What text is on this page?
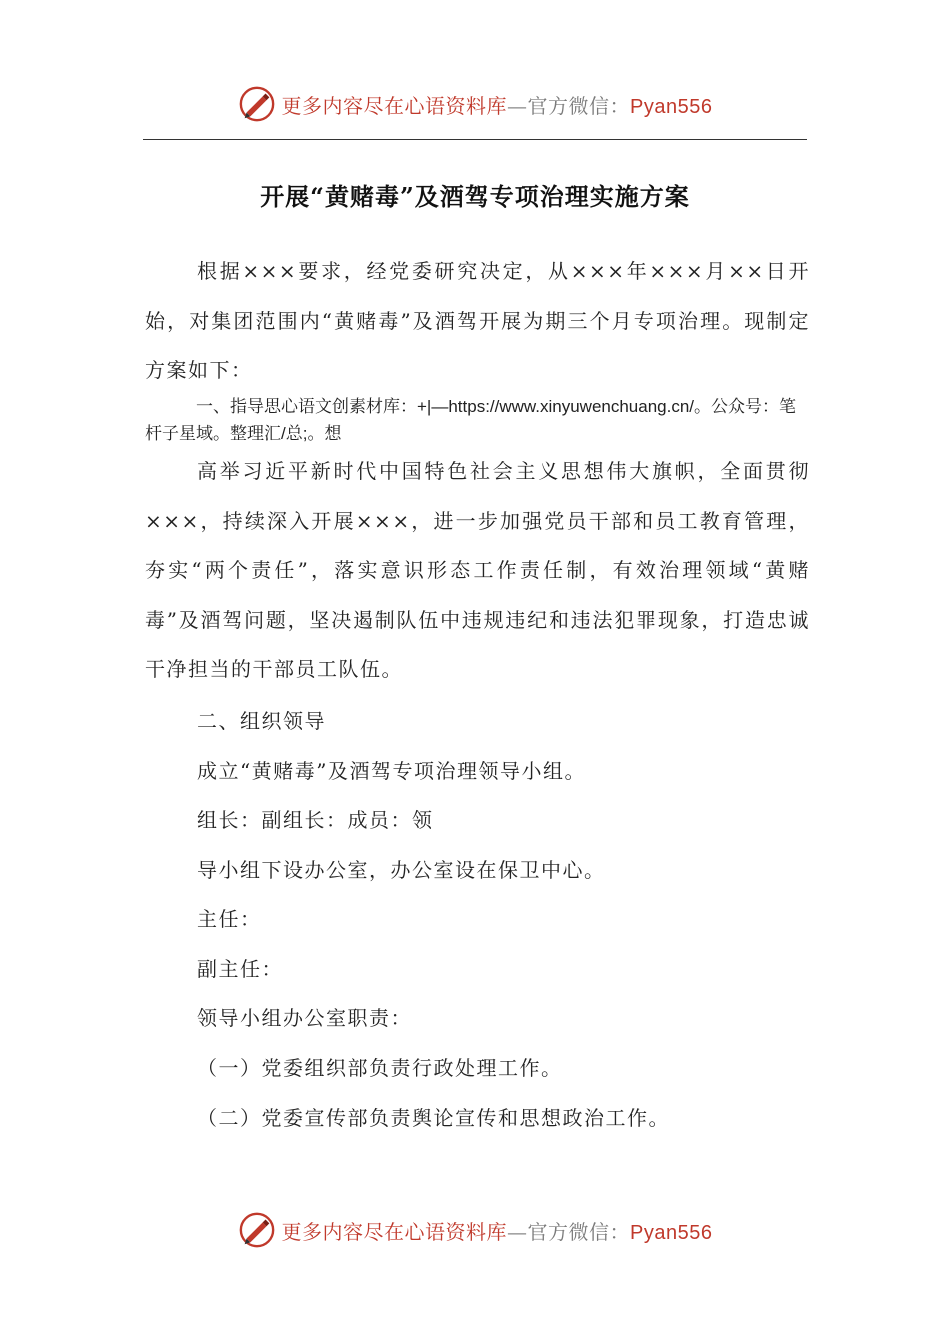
更多内容尽在心语资料库—官方微信：Pyan556
开展“黄赌毒”及酒驾专项治理实施方案
根据×××要求，经党委研究决定，从×××年×××月××日开始，对集团范围内“黄赌毒”及酒驾开展为期三个月专项治理。现制定方案如下：
一、指导思心语文创素材库：+|—https://www.xinyuwenchuang.cn/。公众号：笔杆子星域。整理汇/总;。想
高举习近平新时代中国特色社会主义思想伟大旗帜，全面贯彻×××，持续深入开展×××，进一步加强党员干部和员工教育管理，夯实“两个责任”，落实意识形态工作责任制，有效治理领域“黄赌毒”及酒驾问题，坚决遏制队伍中违规违纪和违法犯罪现象，打造忠诚干净担当的干部员工队伍。
二、组织领导
成立“黄赌毒”及酒驾专项治理领导小组。
组长：副组长：成员：领
导小组下设办公室，办公室设在保卫中心。
主任：
副主任：
领导小组办公室职责：
（一）党委组织部负责行政处理工作。
（二）党委宣传部负责舆论宣传和思想政治工作。
更多内容尽在心语资料库—官方微信：Pyan556
